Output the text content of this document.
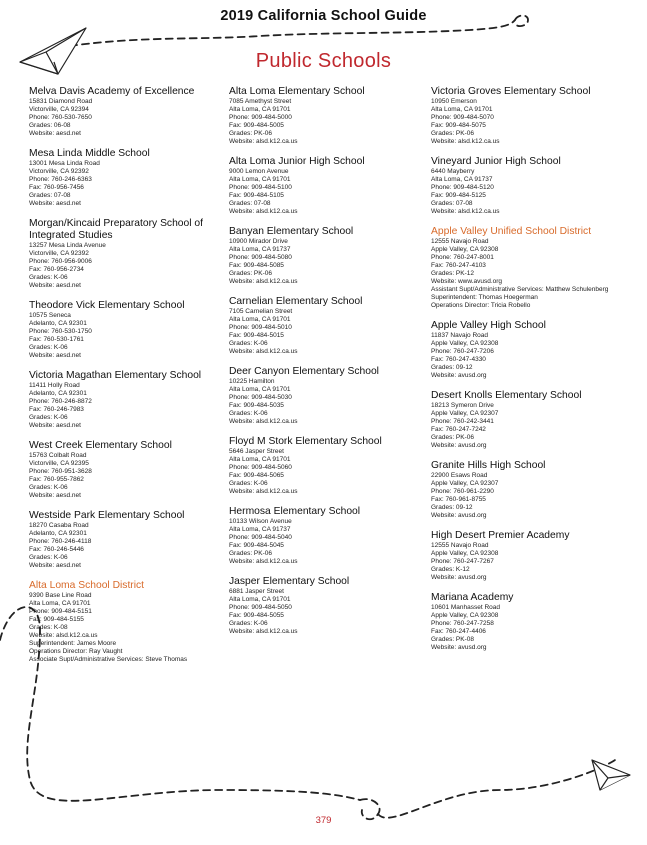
2019 California School Guide
Public Schools
Melva Davis Academy of Excellence
15831 Diamond Road
Victorville, CA 92394
Phone: 760-530-7650
Grades: 06-08
Website: aesd.net
Mesa Linda Middle School
13001 Mesa Linda Road
Victorville, CA 92392
Phone: 760-246-6363
Fax: 760-956-7456
Grades: 07-08
Website: aesd.net
Morgan/Kincaid Preparatory School of Integrated Studies
13257 Mesa Linda Avenue
Victorville, CA 92392
Phone: 760-956-9006
Fax: 760-956-2734
Grades: K-06
Website: aesd.net
Theodore Vick Elementary School
10575 Seneca
Adelanto, CA 92301
Phone: 760-530-1750
Fax: 760-530-1761
Grades: K-06
Website: aesd.net
Victoria Magathan Elementary School
11411 Holly Road
Adelanto, CA 92301
Phone: 760-246-8872
Fax: 760-246-7983
Grades: K-06
Website: aesd.net
West Creek Elementary School
15763 Colbalt Road
Victorville, CA 92395
Phone: 760-951-3628
Fax: 760-955-7862
Grades: K-06
Website: aesd.net
Westside Park Elementary School
18270 Casaba Road
Adelanto, CA 92301
Phone: 760-246-4118
Fax: 760-246-5446
Grades: K-06
Website: aesd.net
Alta Loma School District
9390 Base Line Road
Alta Loma, CA 91701
Phone: 909-484-5151
Fax: 909-484-5155
Grades: K-08
Website: alsd.k12.ca.us
Superintendent: James Moore
Operations Director: Ray Vaught
Associate Supt/Administrative Services: Steve Thomas
Alta Loma Elementary School
7085 Amethyst Street
Alta Loma, CA 91701
Phone: 909-484-5000
Fax: 909-484-5005
Grades: PK-06
Website: alsd.k12.ca.us
Alta Loma Junior High School
9000 Lemon Avenue
Alta Loma, CA 91701
Phone: 909-484-5100
Fax: 909-484-5105
Grades: 07-08
Website: alsd.k12.ca.us
Banyan Elementary School
10900 Mirador Drive
Alta Loma, CA 91737
Phone: 909-484-5080
Fax: 909-484-5085
Grades: PK-06
Website: alsd.k12.ca.us
Carnelian Elementary School
7105 Carnelian Street
Alta Loma, CA 91701
Phone: 909-484-5010
Fax: 909-484-5015
Grades: K-06
Website: alsd.k12.ca.us
Deer Canyon Elementary School
10225 Hamilton
Alta Loma, CA 91701
Phone: 909-484-5030
Fax: 909-484-5035
Grades: K-06
Website: alsd.k12.ca.us
Floyd M Stork Elementary School
5646 Jasper Street
Alta Loma, CA 91701
Phone: 909-484-5060
Fax: 909-484-5065
Grades: K-06
Website: alsd.k12.ca.us
Hermosa Elementary School
10133 Wilson Avenue
Alta Loma, CA 91737
Phone: 909-484-5040
Fax: 909-484-5045
Grades: PK-06
Website: alsd.k12.ca.us
Jasper Elementary School
6881 Jasper Street
Alta Loma, CA 91701
Phone: 909-484-5050
Fax: 909-484-5055
Grades: K-06
Website: alsd.k12.ca.us
Victoria Groves Elementary School
10950 Emerson
Alta Loma, CA 91701
Phone: 909-484-5070
Fax: 909-484-5075
Grades: PK-06
Website: alsd.k12.ca.us
Vineyard Junior High School
6440 Mayberry
Alta Loma, CA 91737
Phone: 909-484-5120
Fax: 909-484-5125
Grades: 07-08
Website: alsd.k12.ca.us
Apple Valley Unified School District
12555 Navajo Road
Apple Valley, CA 92308
Phone: 760-247-8001
Fax: 760-247-4103
Grades: PK-12
Website: www.avusd.org
Assistant Supt/Administrative Services: Matthew Schulenberg
Superintendent: Thomas Hoegerman
Operations Director: Tricia Robello
Apple Valley High School
11837 Navajo Road
Apple Valley, CA 92308
Phone: 760-247-7206
Fax: 760-247-4330
Grades: 09-12
Website: avusd.org
Desert Knolls Elementary School
18213 Symeron Drive
Apple Valley, CA 92307
Phone: 760-242-3441
Fax: 760-247-7242
Grades: PK-06
Website: avusd.org
Granite Hills High School
22900 Esaws Road
Apple Valley, CA 92307
Phone: 760-961-2290
Fax: 760-961-8755
Grades: 09-12
Website: avusd.org
High Desert Premier Academy
12555 Navajo Road
Apple Valley, CA 92308
Phone: 760-247-7267
Grades: K-12
Website: avusd.org
Mariana Academy
10601 Manhasset Road
Apple Valley, CA 92308
Phone: 760-247-7258
Fax: 760-247-4406
Grades: PK-08
Website: avusd.org
379
